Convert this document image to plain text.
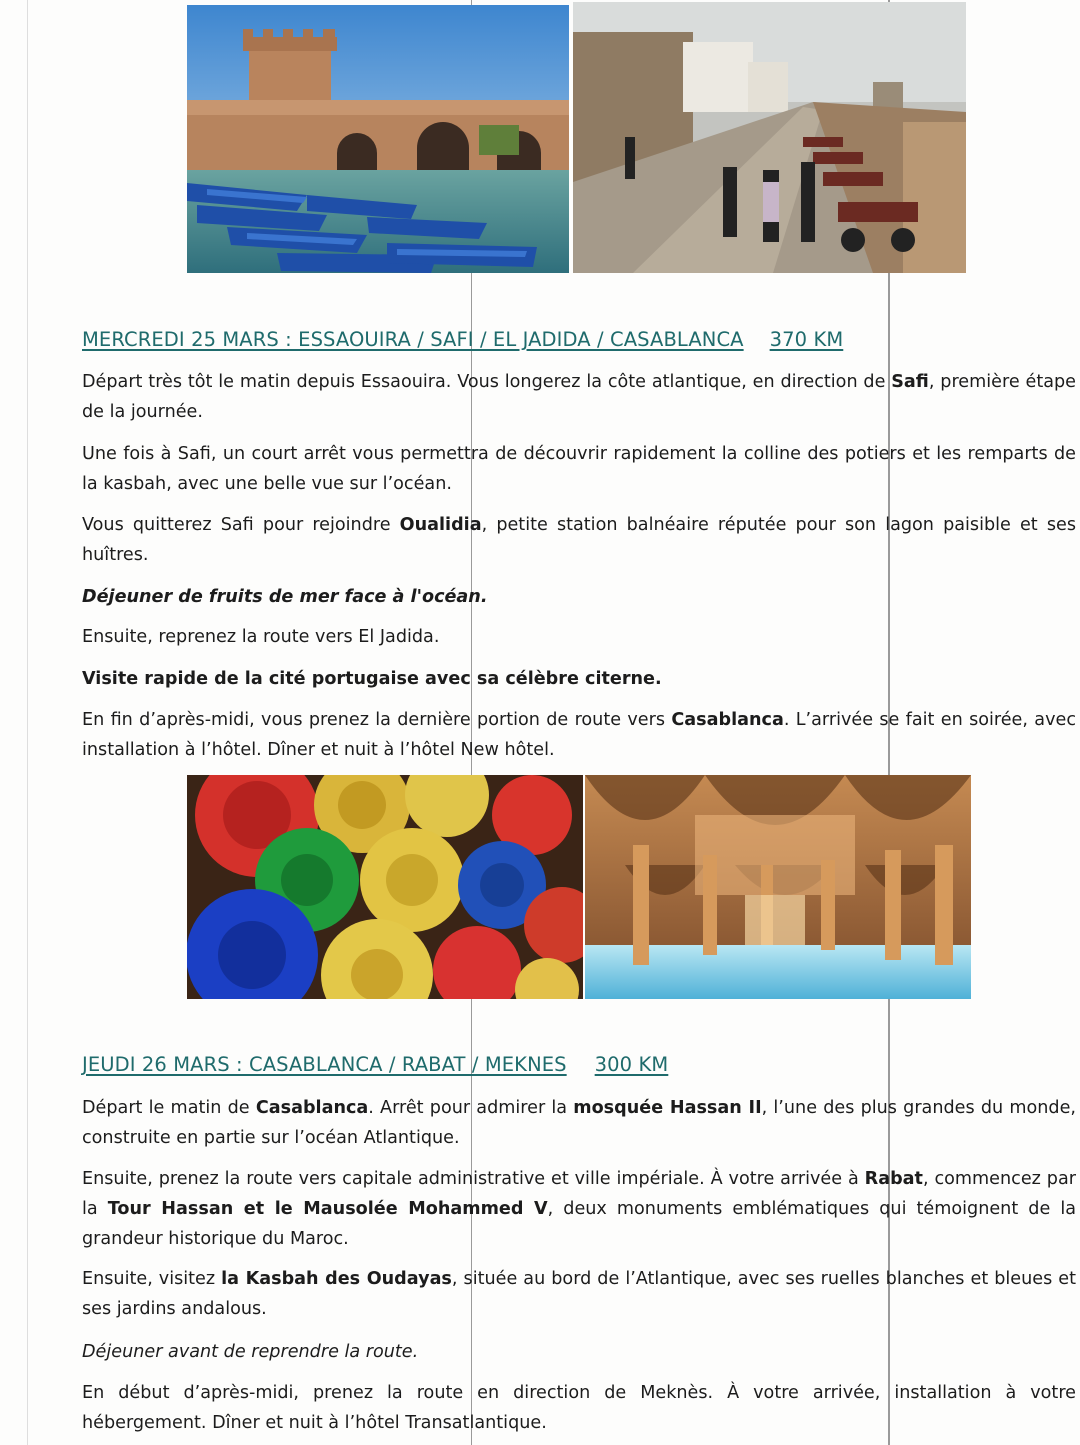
MERCREDI 25 MARS : ESSAOUIRA / SAFI / EL JADIDA / CASABLANCA 370 KM

Départ très tôt le matin depuis Essaouira. Vous longerez la côte atlantique, en direction de Safi, première étape de la journée.

Une fois à Safi, un court arrêt vous permettra de découvrir rapidement la colline des potiers et les remparts de la kasbah, avec une belle vue sur l’océan.

Vous quitterez Safi pour rejoindre Oualidia, petite station balnéaire réputée pour son lagon paisible et ses huîtres.

Déjeuner de fruits de mer face à l'océan.

Ensuite, reprenez la route vers El Jadida.

Visite rapide de la cité portugaise avec sa célèbre citerne.

En fin d’après-midi, vous prenez la dernière portion de route vers Casablanca. L’arrivée se fait en soirée, avec installation à l’hôtel. Dîner et nuit à l’hôtel New hôtel.

JEUDI 26 MARS : CASABLANCA / RABAT / MEKNES 300 KM

Départ le matin de Casablanca. Arrêt pour admirer la mosquée Hassan II, l’une des plus grandes du monde, construite en partie sur l’océan Atlantique.

Ensuite, prenez la route vers capitale administrative et ville impériale. À votre arrivée à Rabat, commencez par la Tour Hassan et le Mausolée Mohammed V, deux monuments emblématiques qui témoignent de la grandeur historique du Maroc.

Ensuite, visitez la Kasbah des Oudayas, située au bord de l’Atlantique, avec ses ruelles blanches et bleues et ses jardins andalous.

Déjeuner avant de reprendre la route.

En début d’après-midi, prenez la route en direction de Meknès. À votre arrivée, installation à votre hébergement. Dîner et nuit à l’hôtel Transatlantique.
